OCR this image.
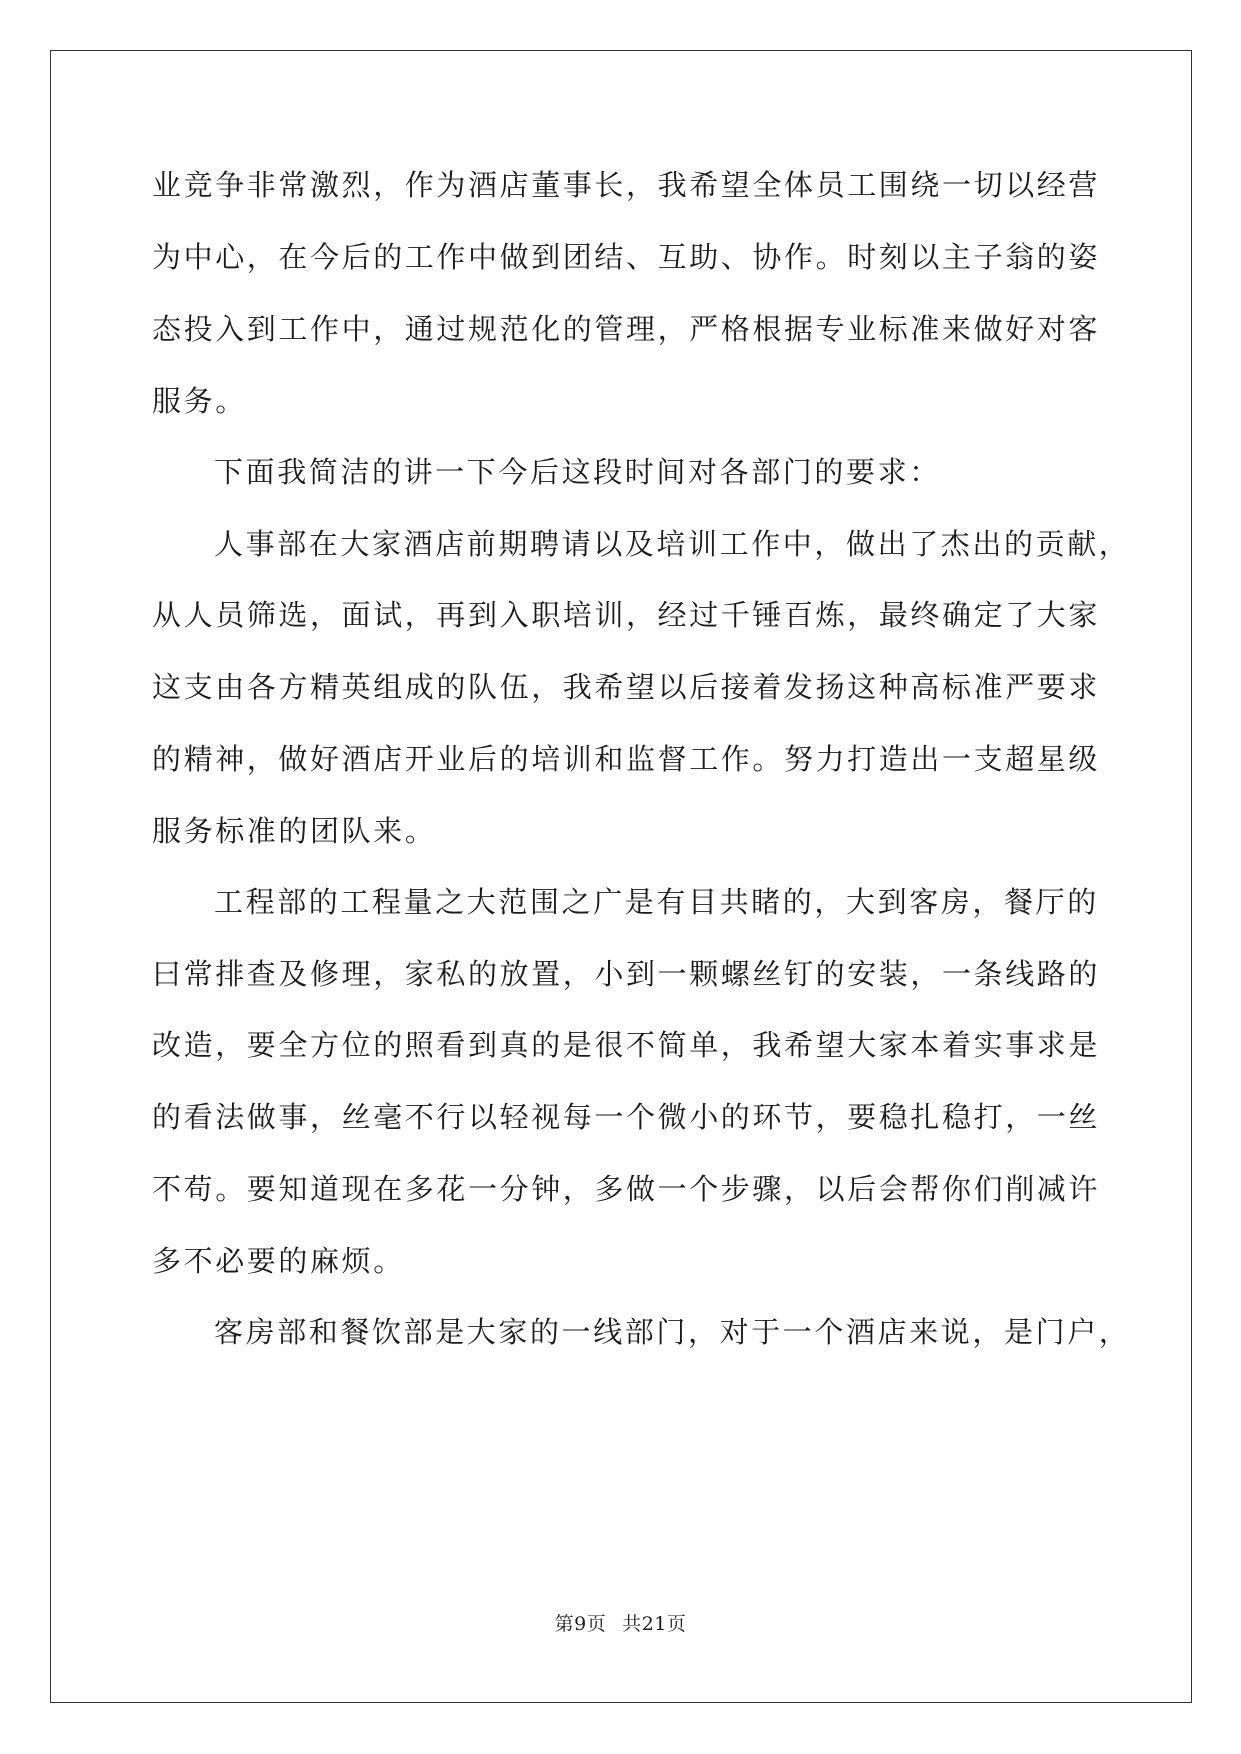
业竞争非常激烈，作为酒店董事长，我希望全体员工围绕一切以经营
为中心，在今后的工作中做到团结、互助、协作。时刻以主子翁的姿
态投入到工作中，通过规范化的管理，严格根据专业标准来做好对客
服务。
下面我简洁的讲一下今后这段时间对各部门的要求：
人事部在大家酒店前期聘请以及培训工作中，做出了杰出的贡献，
从人员筛选，面试，再到入职培训，经过千锤百炼，最终确定了大家
这支由各方精英组成的队伍，我希望以后接着发扬这种高标准严要求
的精神，做好酒店开业后的培训和监督工作。努力打造出一支超星级
服务标准的团队来。
工程部的工程量之大范围之广是有目共睹的，大到客房，餐厅的
曰常排查及修理，家私的放置，小到一颗螺丝钉的安装，一条线路的
改造，要全方位的照看到真的是很不简单，我希望大家本着实事求是
的看法做事，丝毫不行以轻视每一个微小的环节，要稳扎稳打，一丝
不苟。要知道现在多花一分钟，多做一个步骤，以后会帮你们削减许
多不必要的麻烦。
客房部和餐饮部是大家的一线部门，对于一个酒店来说，是门户，
第9页 共21页
